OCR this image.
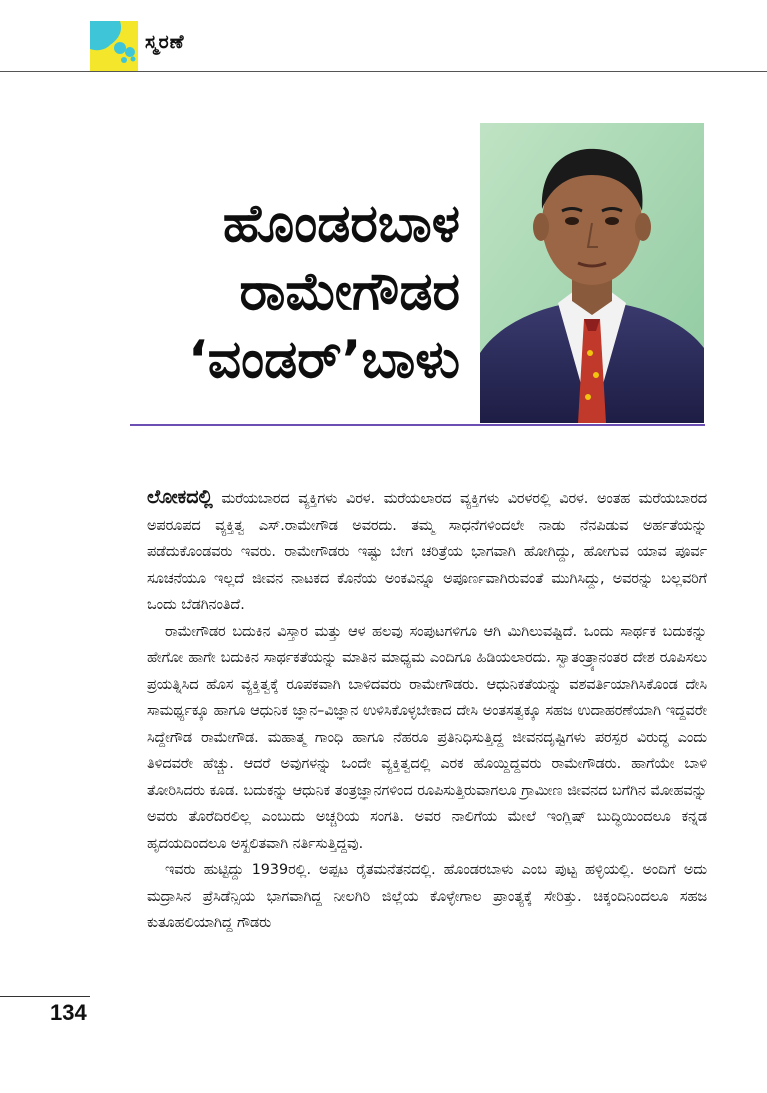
ಸ್ಮರಣೆ
ಹೊಂಡರಬಾಳ
ರಾಮೇಗೌಡರ
‘ವಂಡರ್’ಬಾಳು

ಲೋಕದಲ್ಲಿ ಮರೆಯಬಾರದ ವ್ಯಕ್ತಿಗಳು ವಿರಳ. ಮರೆಯಲಾರದ ವ್ಯಕ್ತಿಗಳು ವಿರಳರಲ್ಲಿ ವಿರಳ. ಅಂತಹ ಮರೆಯಬಾರದ ಅಪರೂಪದ ವ್ಯಕ್ತಿತ್ವ ಎಸ್.ರಾಮೇಗೌಡ ಅವರದು. ತಮ್ಮ ಸಾಧನೆಗಳಿಂದಲೇ ನಾಡು ನೆನಪಿಡುವ ಅರ್ಹತೆಯನ್ನು ಪಡೆದುಕೊಂಡವರು ಇವರು. ರಾಮೇಗೌಡರು ಇಷ್ಟು ಬೇಗ ಚರಿತ್ರೆಯ ಭಾಗವಾಗಿ ಹೋಗಿದ್ದು, ಹೋಗುವ ಯಾವ ಪೂರ್ವ ಸೂಚನೆಯೂ ಇಲ್ಲದೆ ಜೀವನ ನಾಟಕದ ಕೊನೆಯ ಅಂಕವಿನ್ನೂ ಅಪೂರ್ಣವಾಗಿರುವಂತೆ ಮುಗಿಸಿದ್ದು, ಅವರನ್ನು ಬಲ್ಲವರಿಗೆ ಒಂದು ಬೆಡಗಿನಂತಿದೆ.

ರಾಮೇಗೌಡರ ಬದುಕಿನ ವಿಸ್ತಾರ ಮತ್ತು ಆಳ ಹಲವು ಸಂಪುಟಗಳಿಗೂ ಆಗಿ ಮಿಗಿಲುವಷ್ಟಿದೆ. ಒಂದು ಸಾರ್ಥಕ ಬದುಕನ್ನು ಹೇಗೋ ಹಾಗೇ ಬದುಕಿನ ಸಾರ್ಥಕತೆಯನ್ನು ಮಾತಿನ ಮಾಧ್ಯಮ ಎಂದಿಗೂ ಹಿಡಿಯಲಾರದು. ಸ್ವಾತಂತ್ರ್ಯಾನಂತರ ದೇಶ ರೂಪಿಸಲು ಪ್ರಯತ್ನಿಸಿದ ಹೊಸ ವ್ಯಕ್ತಿತ್ವಕ್ಕೆ ರೂಪಕವಾಗಿ ಬಾಳಿದವರು ರಾಮೇಗೌಡರು. ಆಧುನಿಕತೆಯನ್ನು ವಶವರ್ತಿಯಾಗಿಸಿಕೊಂಡ ದೇಸಿ ಸಾಮರ್ಥ್ಯಕ್ಕೂ ಹಾಗೂ ಆಧುನಿಕ ಜ್ಞಾನ–ವಿಜ್ಞಾನ ಉಳಿಸಿಕೊಳ್ಳಬೇಕಾದ ದೇಸಿ ಅಂತಸತ್ವಕ್ಕೂ ಸಹಜ ಉದಾಹರಣೆಯಾಗಿ ಇದ್ದವರೇ ಸಿದ್ದೇಗೌಡ ರಾಮೇಗೌಡ. ಮಹಾತ್ಮ ಗಾಂಧಿ ಹಾಗೂ ನೆಹರೂ ಪ್ರತಿನಿಧಿಸುತ್ತಿದ್ದ ಜೀವನದೃಷ್ಟಿಗಳು ಪರಸ್ಪರ ವಿರುದ್ಧ ಎಂದು ತಿಳಿದವರೇ ಹೆಚ್ಚು. ಆದರೆ ಅವುಗಳನ್ನು ಒಂದೇ ವ್ಯಕ್ತಿತ್ವದಲ್ಲಿ ಎರಕ ಹೊಯ್ದಿದ್ದವರು ರಾಮೇಗೌಡರು. ಹಾಗೆಯೇ ಬಾಳಿ ತೋರಿಸಿದರು ಕೂಡ. ಬದುಕನ್ನು ಆಧುನಿಕ ತಂತ್ರಜ್ಞಾನಗಳಿಂದ ರೂಪಿಸುತ್ತಿರುವಾಗಲೂ ಗ್ರಾಮೀಣ ಜೀವನದ ಬಗೆಗಿನ ಮೋಹವನ್ನು ಅವರು ತೊರೆದಿರಲಿಲ್ಲ ಎಂಬುದು ಅಚ್ಚರಿಯ ಸಂಗತಿ. ಅವರ ನಾಲಿಗೆಯ ಮೇಲೆ ಇಂಗ್ಲಿಷ್ ಬುದ್ಧಿಯಿಂದಲೂ ಕನ್ನಡ ಹೃದಯದಿಂದಲೂ ಅಸ್ಖಲಿತವಾಗಿ ನರ್ತಿಸುತ್ತಿದ್ದವು.

ಇವರು ಹುಟ್ಟಿದ್ದು 1939ರಲ್ಲಿ. ಅಪ್ಪಟ ರೈತಮನೆತನದಲ್ಲಿ. ಹೊಂಡರಬಾಳು ಎಂಬ ಪುಟ್ಟ ಹಳ್ಳಿಯಲ್ಲಿ. ಅಂದಿಗೆ ಅದು ಮದ್ರಾಸಿನ ಪ್ರೆಸಿಡೆನ್ಸಿಯ ಭಾಗವಾಗಿದ್ದ ನೀಲಗಿರಿ ಜಿಲ್ಲೆಯ ಕೊಳ್ಳೇಗಾಲ ಪ್ರಾಂತ್ಯಕ್ಕೆ ಸೇರಿತ್ತು. ಚಿಕ್ಕಂದಿನಿಂದಲೂ ಸಹಜ ಕುತೂಹಲಿಯಾಗಿದ್ದ ಗೌಡರು

134
